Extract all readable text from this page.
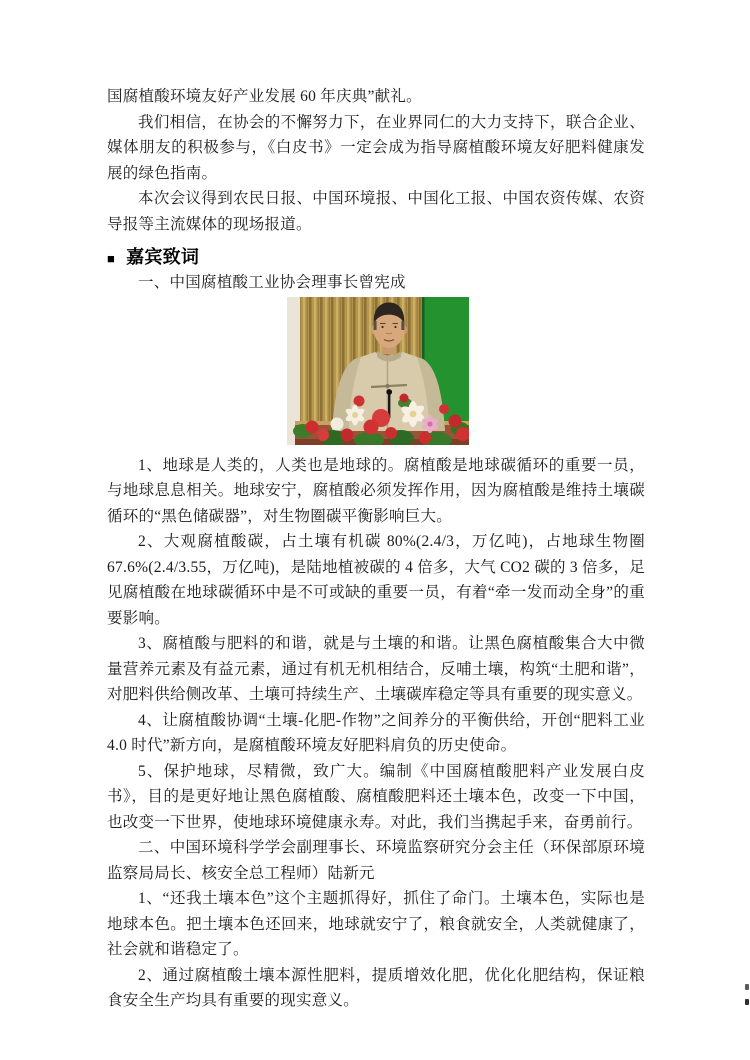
国腐植酸环境友好产业发展 60 年庆典”献礼。

我们相信，在协会的不懈努力下，在业界同仁的大力支持下，联合企业、媒体朋友的积极参与，《白皮书》一定会成为指导腐植酸环境友好肥料健康发展的绿色指南。

本次会议得到农民日报、中国环境报、中国化工报、中国农资传媒、农资导报等主流媒体的现场报道。

■ 嘉宾致词

一、中国腐植酸工业协会理事长曾宪成

1、地球是人类的，人类也是地球的。腐植酸是地球碳循环的重要一员，与地球息息相关。地球安宁，腐植酸必须发挥作用，因为腐植酸是维持土壤碳循环的“黑色储碳器”，对生物圈碳平衡影响巨大。

2、大观腐植酸碳，占土壤有机碳 80%(2.4/3，万亿吨)，占地球生物圈 67.6%(2.4/3.55，万亿吨)，是陆地植被碳的 4 倍多，大气 CO2 碳的 3 倍多，足见腐植酸在地球碳循环中是不可或缺的重要一员，有着“牵一发而动全身”的重要影响。

3、腐植酸与肥料的和谐，就是与土壤的和谐。让黑色腐植酸集合大中微量营养元素及有益元素，通过有机无机相结合，反哺土壤，构筑“土肥和谐”，对肥料供给侧改革、土壤可持续生产、土壤碳库稳定等具有重要的现实意义。

4、让腐植酸协调“土壤-化肥-作物”之间养分的平衡供给，开创“肥料工业 4.0 时代”新方向，是腐植酸环境友好肥料肩负的历史使命。

5、保护地球，尽精微，致广大。编制《中国腐植酸肥料产业发展白皮书》，目的是更好地让黑色腐植酸、腐植酸肥料还土壤本色，改变一下中国，也改变一下世界，使地球环境健康永寿。对此，我们当携起手来，奋勇前行。

二、中国环境科学学会副理事长、环境监察研究分会主任（环保部原环境监察局局长、核安全总工程师）陆新元

1、“还我土壤本色”这个主题抓得好，抓住了命门。土壤本色，实际也是地球本色。把土壤本色还回来，地球就安宁了，粮食就安全，人类就健康了，社会就和谐稳定了。

2、通过腐植酸土壤本源性肥料，提质增效化肥，优化化肥结构，保证粮食安全生产均具有重要的现实意义。
